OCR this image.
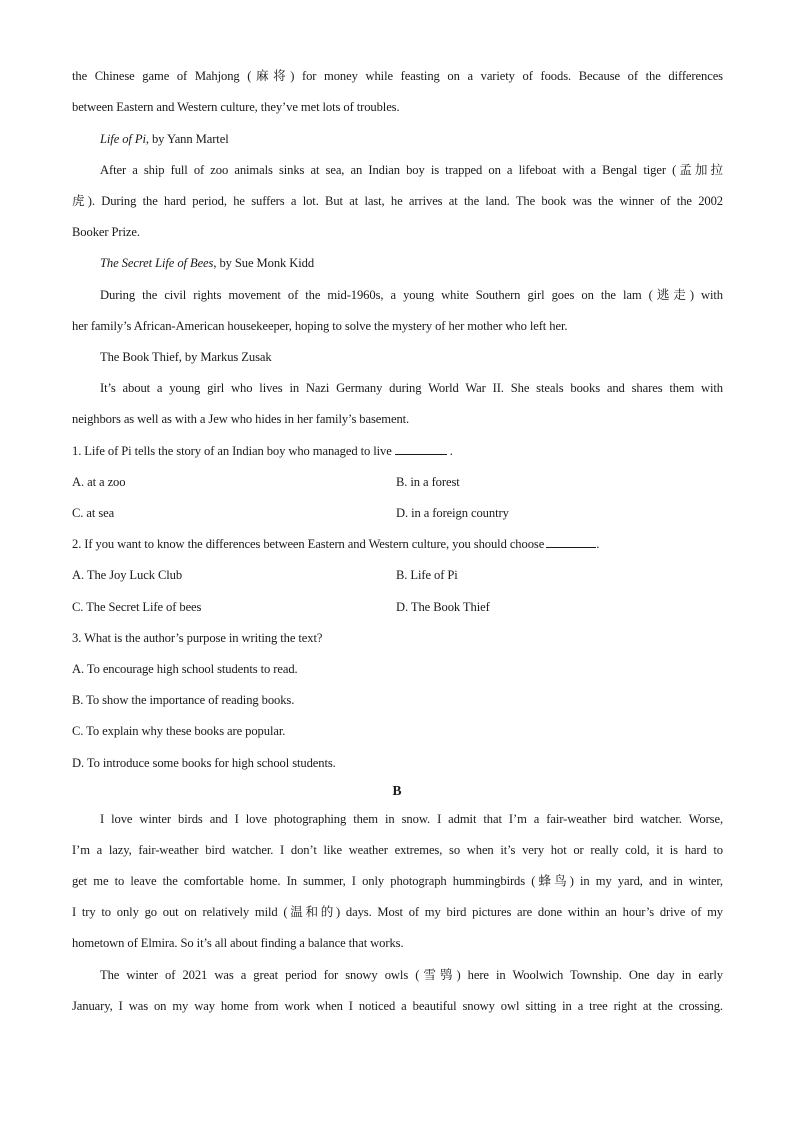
the Chinese game of Mahjong (麻将) for money while feasting on a variety of foods. Because of the differences
between Eastern and Western culture, they’ve met lots of troubles.
Life of Pi, by Yann Martel
After a ship full of zoo animals sinks at sea, an Indian boy is trapped on a lifeboat with a Bengal tiger (孟加拉
虎). During the hard period, he suffers a lot. But at last, he arrives at the land. The book was the winner of the 2002
Booker Prize.
The Secret Life of Bees, by Sue Monk Kidd
During the civil rights movement of the mid-1960s, a young white Southern girl goes on the lam (逃走) with
her family’s African-American housekeeper, hoping to solve the mystery of her mother who left her.
The Book Thief, by Markus Zusak
It’s about a young girl who lives in Nazi Germany during World War II. She steals books and shares them with
neighbors as well as with a Jew who hides in her family’s basement.
1. Life of Pi tells the story of an Indian boy who managed to live	.
A. at a zoo	B. in a forest
C. at sea	D. in a foreign country
2. If you want to know the differences between Eastern and Western culture, you should choose	.
A. The Joy Luck Club	B. Life of Pi
C. The Secret Life of bees	D. The Book Thief
3. What is the author’s purpose in writing the text?
A. To encourage high school students to read.
B. To show the importance of reading books.
C. To explain why these books are popular.
D. To introduce some books for high school students.
B
I love winter birds and I love photographing them in snow. I admit that I’m a fair-weather bird watcher. Worse,
I’m a lazy, fair-weather bird watcher. I don’t like weather extremes, so when it’s very hot or really cold, it is hard to
get me to leave the comfortable home. In summer, I only photograph hummingbirds (蜂鸟) in my yard, and in winter,
I try to only go out on relatively mild (温和的) days. Most of my bird pictures are done within an hour’s drive of my
hometown of Elmira. So it’s all about finding a balance that works.
The winter of 2021 was a great period for snowy owls (雪鸮) here in Woolwich Township. One day in early
January, I was on my way home from work when I noticed a beautiful snowy owl sitting in a tree right at the crossing.
